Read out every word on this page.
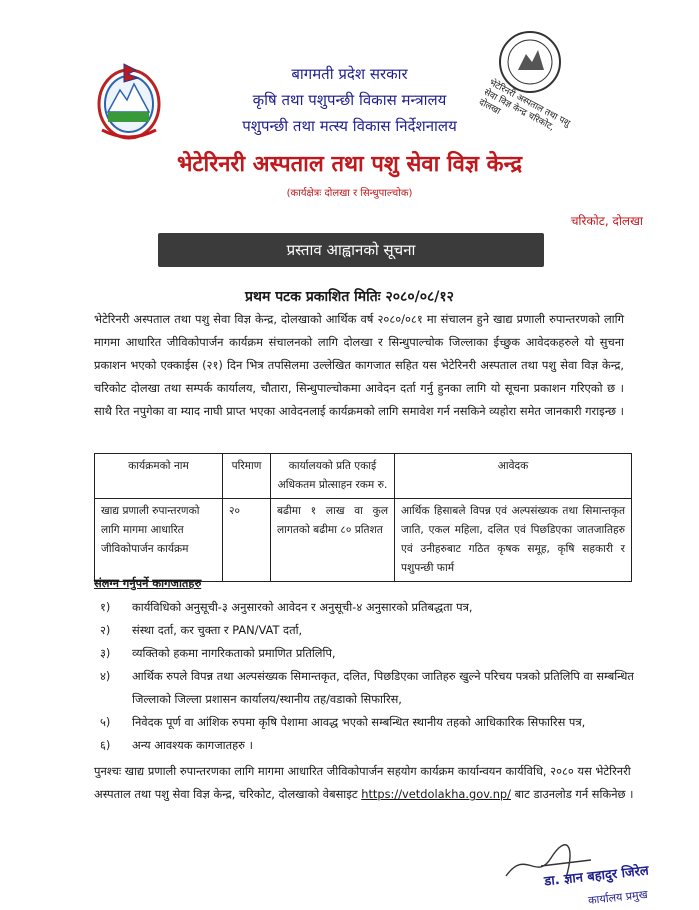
भेटेरिनरी अस्पताल तथा पशु सेवा विज्ञ केन्द्र चरिकोट, दोलखा
बागमती प्रदेश सरकार
कृषि तथा पशुपन्छी विकास मन्त्रालय
पशुपन्छी तथा मत्स्य विकास निर्देशनालय
भेटेरिनरी अस्पताल तथा पशु सेवा विज्ञ केन्द्र
(कार्यक्षेत्रः दोलखा र सिन्धुपाल्चोक)
चरिकोट, दोलखा
प्रस्ताव आह्वानको सूचना
प्रथम पटक प्रकाशित मितिः २०८०/०८/१२
भेटेरिनरी अस्पताल तथा पशु सेवा विज्ञ केन्द्र, दोलखाको आर्थिक वर्ष २०८०/०८१ मा संचालन हुने खाद्य प्रणाली रुपान्तरणको लागि मागमा आधारित जीविकोपार्जन कार्यक्रम संचालनको लागि दोलखा र सिन्धुपाल्चोक जिल्लाका ईच्छुक आवेदकहरुले यो सुचना प्रकाशन भएको एक्काईस (२१) दिन भित्र तपसिलमा उल्लेखित कागजात सहित यस भेटेरिनरी अस्पताल तथा पशु सेवा विज्ञ केन्द्र, चरिकोट दोलखा तथा सम्पर्क कार्यालय, चौतारा, सिन्धुपाल्चोकमा आवेदन दर्ता गर्नु हुनका लागि यो सूचना प्रकाशन गरिएको छ । साथै रित नपुगेका वा म्याद नाघी प्राप्त भएका आवेदनलाई कार्यक्रमको लागि समावेश गर्न नसकिने व्यहोरा समेत जानकारी गराइन्छ ।
कार्यक्रमको नाम	परिमाण	कार्यालयको प्रति एकाई अधिकतम प्रोत्साहन रकम रु.	आवेदक
खाद्य प्रणाली रुपान्तरणको लागि मागमा आधारित जीविकोपार्जन कार्यक्रम	२०	बढीमा १ लाख वा कुल लागतको बढीमा ८० प्रतिशत	आर्थिक हिसाबले विपन्न एवं अल्पसंख्यक तथा सिमान्तकृत जाति, एकल महिला, दलित एवं पिछडिएका जातजातिहरु एवं उनीहरुबाट गठित कृषक समूह, कृषि सहकारी र पशुपन्छी फार्म
संलग्न गर्नुपर्ने कागजातहरु
१)	कार्यविधिको अनुसूची-३ अनुसारको आवेदन र अनुसूची-४ अनुसारको प्रतिबद्धता पत्र,
२)	संस्था दर्ता, कर चुक्ता र PAN/VAT दर्ता,
३)	व्यक्तिको हकमा नागरिकताको प्रमाणित प्रतिलिपि,
४)	आर्थिक रुपले विपन्न तथा अल्पसंख्यक सिमान्तकृत, दलित, पिछडिएका जातिहरु खुल्ने परिचय पत्रको प्रतिलिपि वा सम्बन्धित जिल्लाको जिल्ला प्रशासन कार्यालय/स्थानीय तह/वडाको सिफारिस,
५)	निवेदक पूर्ण वा आंशिक रुपमा कृषि पेशामा आवद्ध भएको सम्बन्धित स्थानीय तहको आधिकारिक सिफारिस पत्र,
६)	अन्य आवश्यक कागजातहरु ।
पुनश्चः खाद्य प्रणाली रुपान्तरणका लागि मागमा आधारित जीविकोपार्जन सहयोग कार्यक्रम कार्यान्वयन कार्यविधि, २०८० यस भेटेरिनरी अस्पताल तथा पशु सेवा विज्ञ केन्द्र, चरिकोट, दोलखाको वेबसाइट https://vetdolakha.gov.np/ बाट डाउनलोड गर्न सकिनेछ ।
डा. ज्ञान बहादुर जिरेल
कार्यालय प्रमुख
